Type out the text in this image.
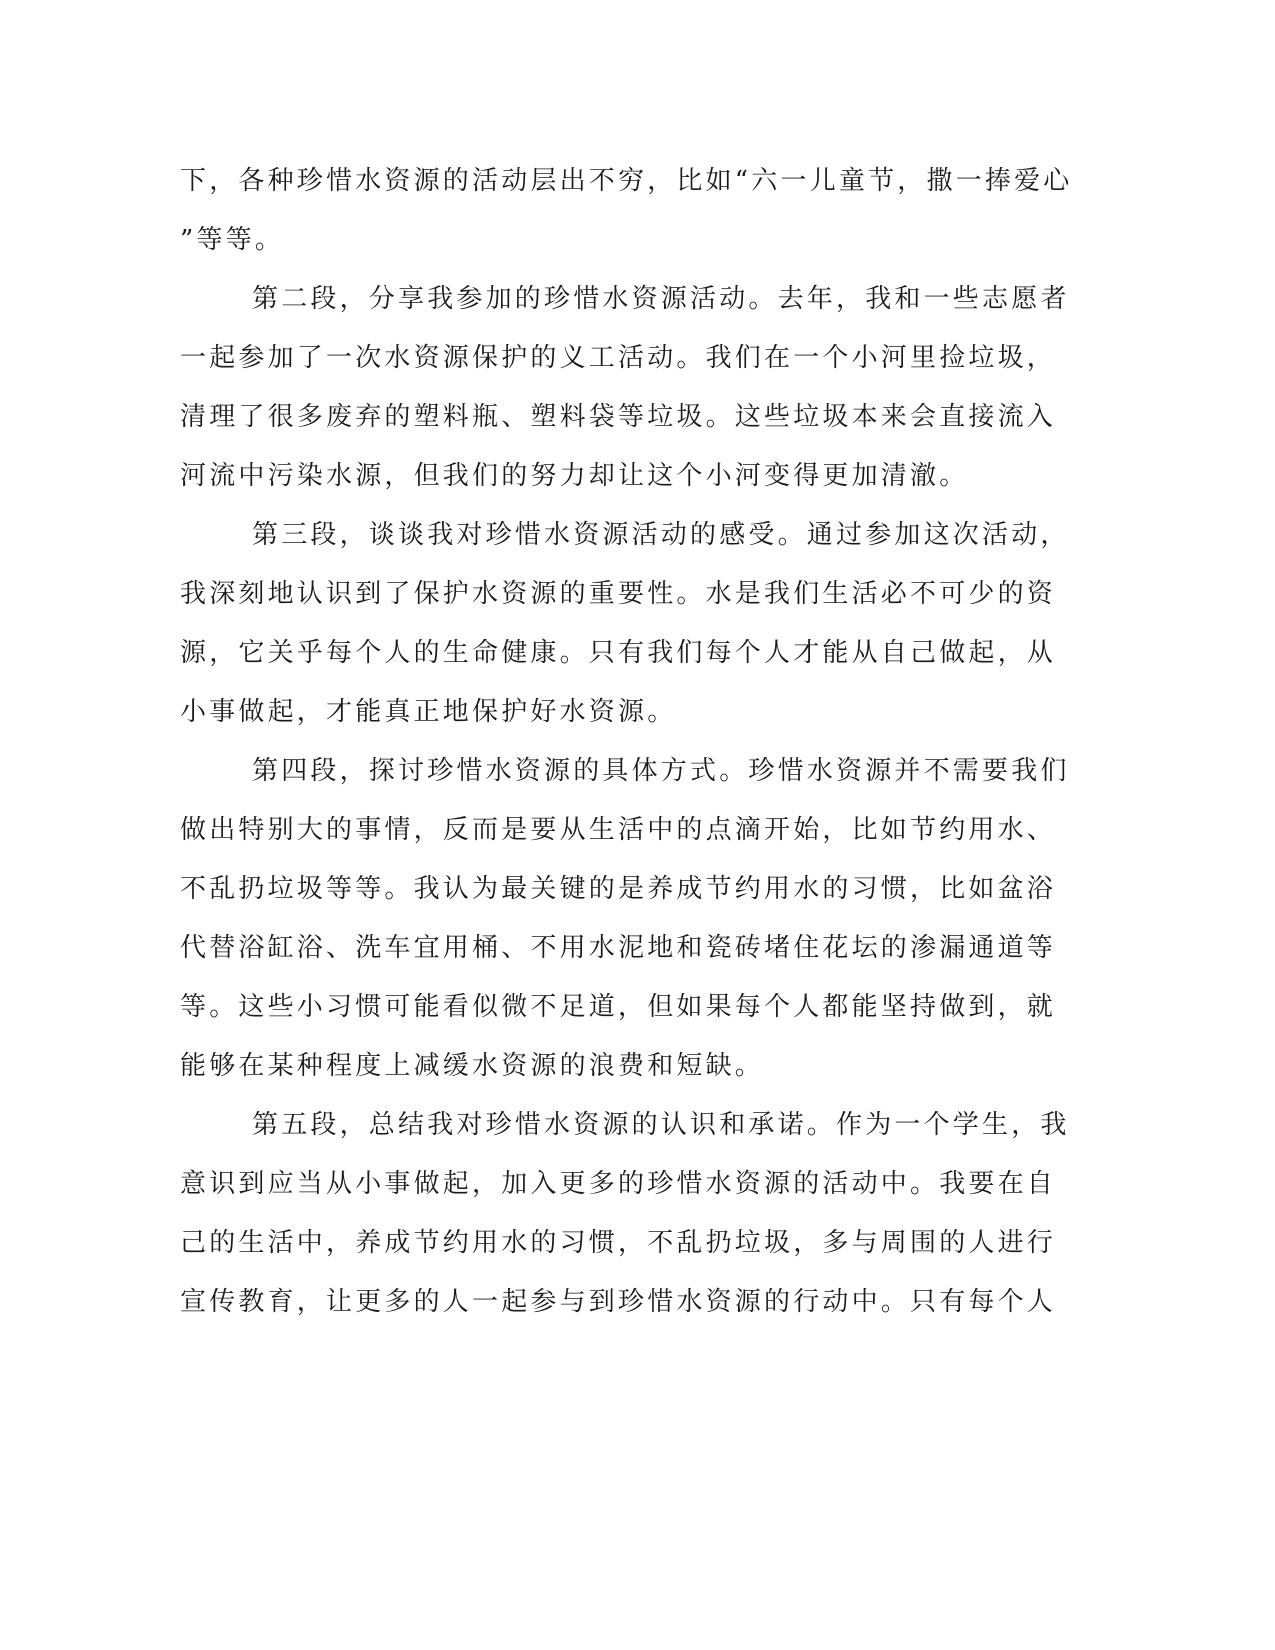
下，各种珍惜水资源的活动层出不穷，比如“六一儿童节，撒一捧爱心
”等等。
第二段，分享我参加的珍惜水资源活动。去年，我和一些志愿者
一起参加了一次水资源保护的义工活动。我们在一个小河里捡垃圾，
清理了很多废弃的塑料瓶、塑料袋等垃圾。这些垃圾本来会直接流入
河流中污染水源，但我们的努力却让这个小河变得更加清澈。
第三段，谈谈我对珍惜水资源活动的感受。通过参加这次活动，
我深刻地认识到了保护水资源的重要性。水是我们生活必不可少的资
源，它关乎每个人的生命健康。只有我们每个人才能从自己做起，从
小事做起，才能真正地保护好水资源。
第四段，探讨珍惜水资源的具体方式。珍惜水资源并不需要我们
做出特别大的事情，反而是要从生活中的点滴开始，比如节约用水、
不乱扔垃圾等等。我认为最关键的是养成节约用水的习惯，比如盆浴
代替浴缸浴、洗车宜用桶、不用水泥地和瓷砖堵住花坛的渗漏通道等
等。这些小习惯可能看似微不足道，但如果每个人都能坚持做到，就
能够在某种程度上减缓水资源的浪费和短缺。
第五段，总结我对珍惜水资源的认识和承诺。作为一个学生，我
意识到应当从小事做起，加入更多的珍惜水资源的活动中。我要在自
己的生活中，养成节约用水的习惯，不乱扔垃圾，多与周围的人进行
宣传教育，让更多的人一起参与到珍惜水资源的行动中。只有每个人
